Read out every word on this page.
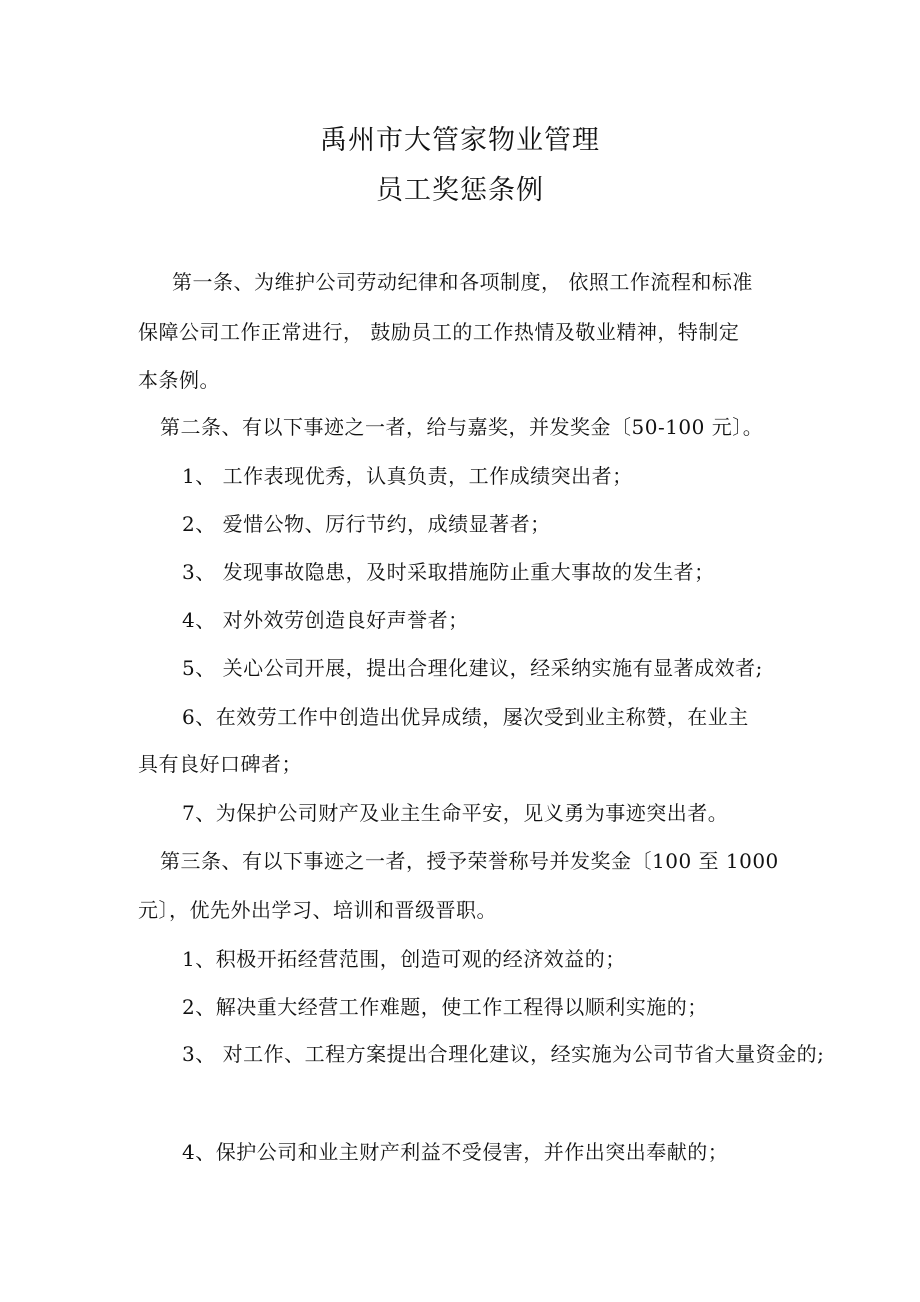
禹州市大管家物业管理
员工奖惩条例
第一条、为维护公司劳动纪律和各项制度， 依照工作流程和标准
保障公司工作正常进行， 鼓励员工的工作热情及敬业精神，特制定
本条例。
第二条、有以下事迹之一者，给与嘉奖，并发奖金〔50-100 元〕。
1、 工作表现优秀，认真负责，工作成绩突出者；
2、 爱惜公物、厉行节约，成绩显著者；
3、 发现事故隐患，及时采取措施防止重大事故的发生者；
4、 对外效劳创造良好声誉者；
5、 关心公司开展，提出合理化建议，经采纳实施有显著成效者;
6、在效劳工作中创造出优异成绩，屡次受到业主称赞，在业主
具有良好口碑者；
7、为保护公司财产及业主生命平安，见义勇为事迹突出者。
第三条、有以下事迹之一者，授予荣誉称号并发奖金〔100 至 1000
元〕，优先外出学习、培训和晋级晋职。
1、积极开拓经营范围，创造可观的经济效益的；
2、解决重大经营工作难题，使工作工程得以顺利实施的；
3、 对工作、工程方案提出合理化建议，经实施为公司节省大量资金的;
4、保护公司和业主财产利益不受侵害，并作出突出奉献的；
